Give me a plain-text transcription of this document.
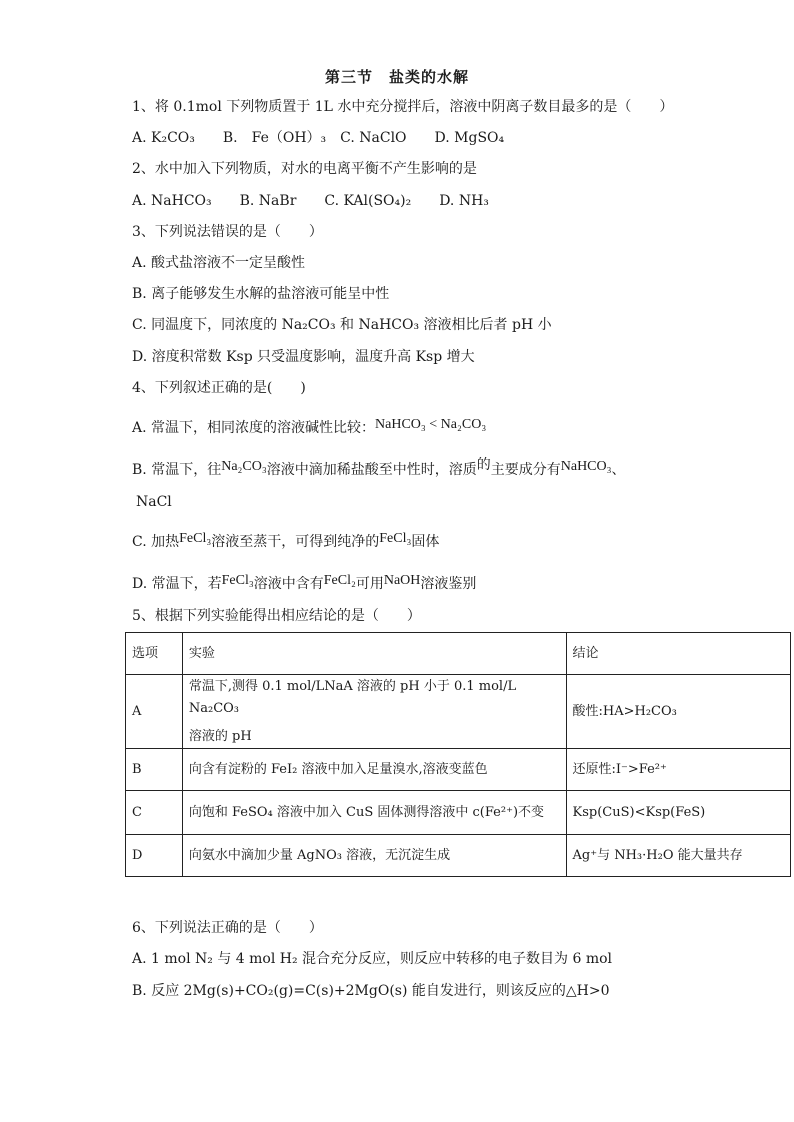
第三节　盐类的水解
1、将 0.1mol 下列物质置于 1L 水中充分搅拌后，溶液中阴离子数目最多的是（　　）
A. K₂CO₃　　B.　Fe（OH）₃　C. NaClO　　D. MgSO₄
2、水中加入下列物质，对水的电离平衡不产生影响的是
A. NaHCO₃　　B. NaBr　　C. KAl(SO₄)₂　　D. NH₃
3、下列说法错误的是（　　）
A. 酸式盐溶液不一定呈酸性
B. 离子能够发生水解的盐溶液可能呈中性
C. 同温度下，同浓度的 Na₂CO₃ 和 NaHCO₃ 溶液相比后者 pH 小
D. 溶度积常数 Ksp 只受温度影响，温度升高 Ksp 增大
4、下列叙述正确的是(　　)
A. 常温下，相同浓度的溶液碱性比较：NaHCO₃ < Na₂CO₃
B. 常温下，往Na₂CO₃溶液中滴加稀盐酸至中性时，溶质的主要成分有NaHCO₃、
NaCl
C. 加热FeCl₃溶液至蒸干，可得到纯净的FeCl₃固体
D. 常温下，若FeCl₃溶液中含有FeCl₂可用NaOH溶液鉴别
5、根据下列实验能得出相应结论的是（　　）
选项	实验	结论
A	常温下,测得 0.1 mol/LNaA 溶液的 pH 小于 0.1 mol/L Na₂CO₃
溶液的 pH	酸性:HA>H₂CO₃
B	向含有淀粉的 FeI₂ 溶液中加入足量溴水,溶液变蓝色	还原性:I⁻>Fe²⁺
C	向饱和 FeSO₄ 溶液中加入 CuS 固体测得溶液中 c(Fe²⁺)不变	Ksp(CuS)<Ksp(FeS)
D	向氨水中滴加少量 AgNO₃ 溶液，无沉淀生成	Ag⁺与 NH₃·H₂O 能大量共存
6、下列说法正确的是（　　）
A. 1 mol N₂ 与 4 mol H₂ 混合充分反应，则反应中转移的电子数目为 6 mol
B. 反应 2Mg(s)+CO₂(g)=C(s)+2MgO(s) 能自发进行，则该反应的△H>0
